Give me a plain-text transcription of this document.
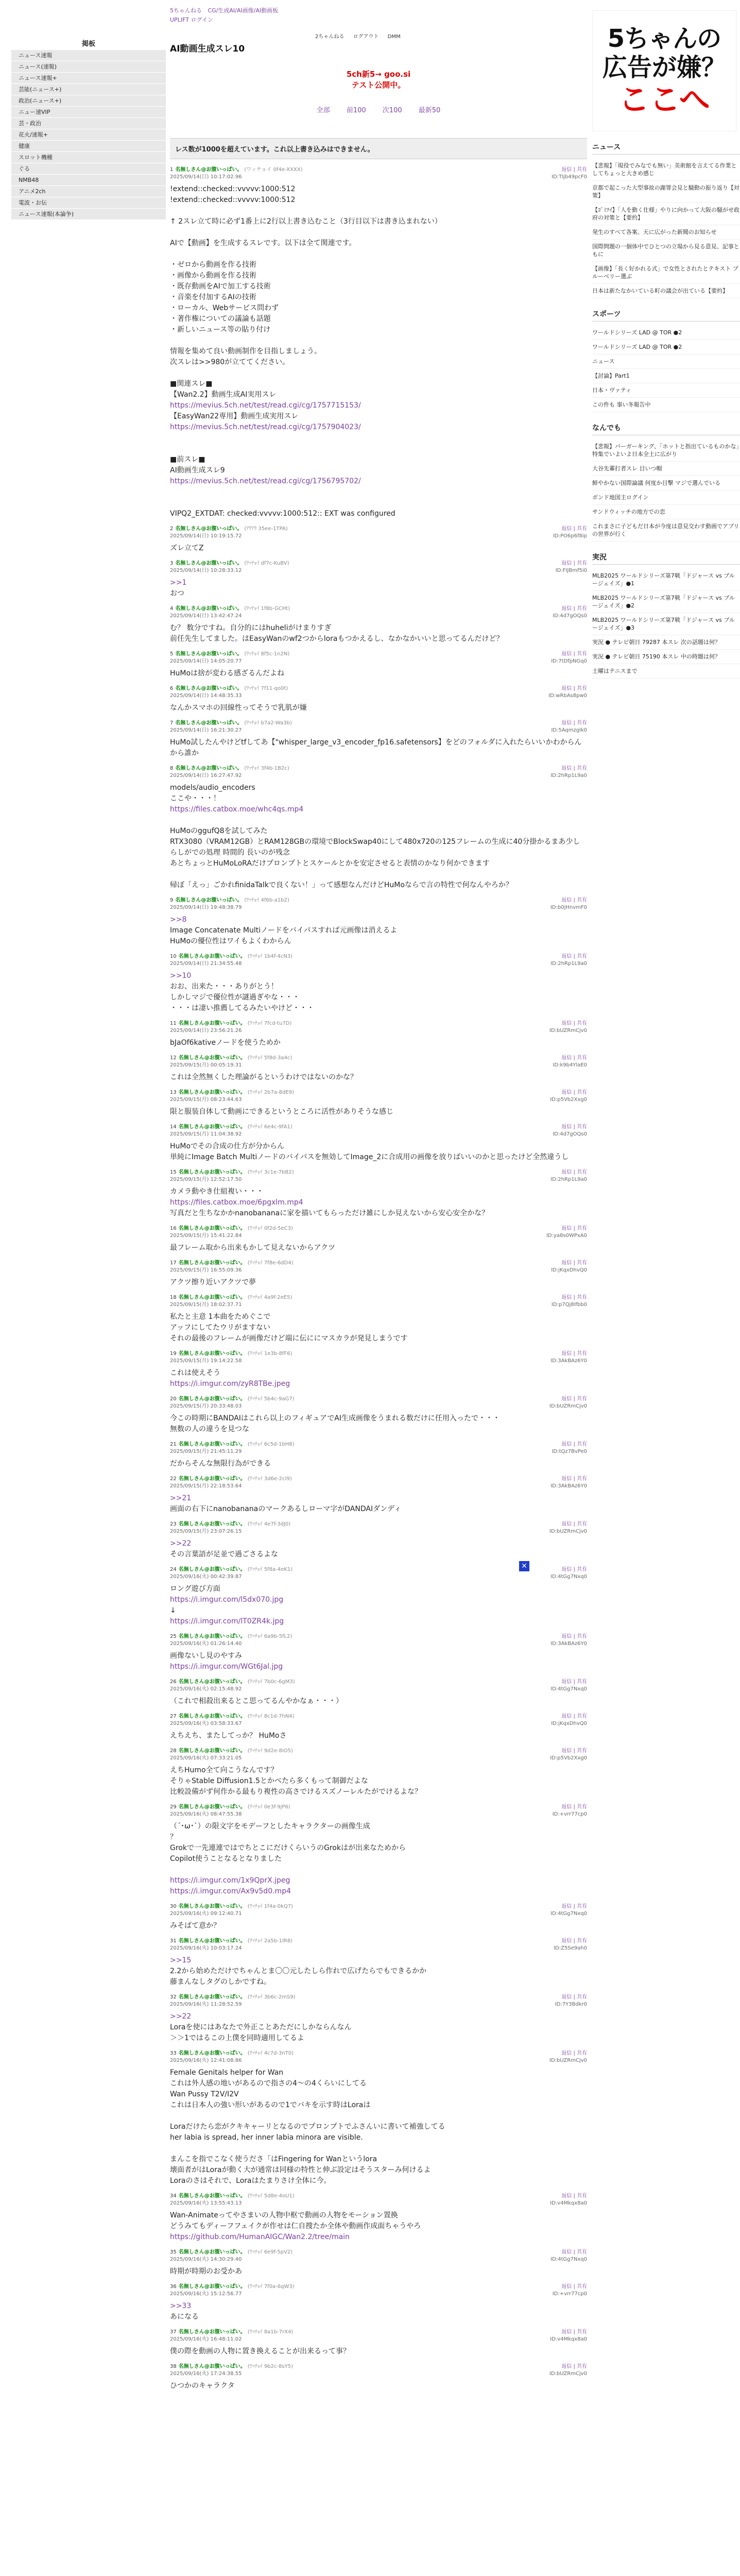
5ちゃんねる CG/生成AI/AI画像/AI動画板
UPLIFT ログイン
2ちゃんねる ログアウト DMM
掲板
ニュース速報
ニュース(速報)
ニュース速報+
芸能(ニュース+)
政治(ニュース+)
ニュー速VIP
芸・政治
花火/速報+
健康
スロット機種
ぐる
NMB48
アニメ2ch
電波・お伝
ニュース速報(本論争)
AI動画生成スレ10
5ch新5→ goo.si
テスト公開中。
全部 前100 次100 最新50
レス数が1000を超えています。これ以上書き込みはできません。
1 名無しさん@お腹いっぱい。 (ワッチョイ 0f4e-XXXX)
2025/09/14(日) 10:17:02.96
返信 | 共有
ID:TIjb49pcF0
!extend::checked::vvvvv:1000:512
!extend::checked::vvvvv:1000:512
↑ 2スレ立て時に必ず1番上に2行以上書き込むこと（3行目以下は書き込まれない）
AIで【動画】を生成するスレです。以下は全て関連です。
・ゼロから動画を作る技術
・画像から動画を作る技術
・既存動画をAIで加工する技術
・音楽を付加するAIの技術
・ローカル、Webサービス問わず
・著作権についての議論も話題
・新しいニュース等の貼り付け
情報を集めて良い動画制作を目指しましょう。
次スレは>>980が立ててください。
■関連スレ■
【Wan2.2】動画生成AI実用スレ
https://mevius.5ch.net/test/read.cgi/cg/1757715153/
【EasyWan22専用】動画生成実用スレ
https://mevius.5ch.net/test/read.cgi/cg/1757904023/
■前スレ■
AI動画生成スレ9
https://mevius.5ch.net/test/read.cgi/cg/1756795702/
VIPQ2_EXTDAT: checked:vvvvv:1000:512:: EXT was configured
2 名無しさん@お腹いっぱい。 (ｱｳｱｳ 35ee-1TPA)
2025/09/14(日) 10:19:15.72
返信 | 共有
ID:PO6p6f8ip
ズレ立てZ
3 名無しさん@お腹いっぱい。 (ﾜｯﾁｮｲ df7c-KuBV)
2025/09/14(日) 10:28:33.12
返信 | 共有
ID:FIJBmf5i0
>>1
おつ
4 名無しさん@お腹いっぱい。 (ﾜｯﾁｮｲ 1f8b-GCHt)
2025/09/14(日) 13:42:47.24
返信 | 共有
ID:4d7gOQs0
む？ 数分ですね。自分的にはhuheliがけまりすぎ
前任先生してました。はEasyWanのwf2つからloraもつかえるし、なかなかいいと思ってるんだけど？
5 名無しさん@お腹いっぱい。 (ﾜｯﾁｮｲ 8f5c-1n2N)
2025/09/14(日) 14:05:20.77
返信 | 共有
ID:7tDfpNGq0
HuMoは捨が変わる感ざるんだよね
6 名無しさん@お腹いっぱい。 (ﾜｯﾁｮｲ 7f11-qo0t)
2025/09/14(日) 14:48:35.33
返信 | 共有
ID:wRbAs8pw0
なんかスマホの回線性ってそうで乳肌が嫌
7 名無しさん@お腹いっぱい。 (ﾜｯﾁｮｲ b7a2-Wa3b)
2025/09/14(日) 16:21:30.27
返信 | 共有
ID:5Aqmzglk0
HuMo試したんやけどtfしてあ【"whisper_large_v3_encoder_fp16.safetensors】をどのフォルダに入れたらいいかわからんから誰か
8 名無しさん@お腹いっぱい。 (ﾜｯﾁｮｲ 3f4b-1B2c)
2025/09/14(日) 16:27:47.92
返信 | 共有
ID:2hRp1L9a0
models/audio_encoders
ここや・・・！
https://files.catbox.moe/whc4qs.mp4
HuMoのggufQ8を試してみた
RTX3080（VRAM12GB）とRAM128GBの環境でBlockSwap40にして480x720の125フレームの生成に40分掛かるまあ少しらしがでの処理 時間的 長いのが残念
あとちょっとHuMoLoRAだけプロンプトとスケールとかを安定させると表情のかなり何かできます
帰ぼ「えっ」ごかれfinidaTalkで良くない！」って感想なんだけどHuMoならで言の特性で何なんやろか？
9 名無しさん@お腹いっぱい。 (ﾜｯﾁｮｲ 4f6b-a1b2)
2025/09/14(日) 19:48:38.79
返信 | 共有
ID:b0jHnvmF0
>>8
Image Concatenate Multiノードをバイパスすれば元画像は消えるよ
HuMoの優位性はワイもよくわからん
10 名無しさん@お腹いっぱい。 (ﾜｯﾁｮｲ 1b4f-4cN3)
2025/09/14(日) 21:34:55.48
返信 | 共有
ID:2hRp1L9a0
>>10
おお、出来た・・・ありがとう！
しかしマジで優位性が謎過ぎやな・・・
・・・は凄い推薦してるみたいやけど・・・
11 名無しさん@お腹いっぱい。 (ﾜｯﾁｮｲ 7fcd-tu7D)
2025/09/14(日) 23:56:21.26
返信 | 共有
ID:bUZRmCjv0
bJaOf6kativeノードを使うためか
12 名無しさん@お腹いっぱい。 (ﾜｯﾁｮｲ 5f8d-3a4c)
2025/09/15(月) 00:05:19.31
返信 | 共有
ID:k9b4YlaE0
これは全然無くした理論がるというわけではないのかな？
13 名無しさん@お腹いっぱい。 (ﾜｯﾁｮｲ 2b7a-8dE9)
2025/09/15(月) 08:23:44.63
返信 | 共有
ID:p5Vb2Xxg0
限と服装自体して動画にできるというところに活性がありそうな感じ
14 名無しさん@お腹いっぱい。 (ﾜｯﾁｮｲ 6e4c-9fA1)
2025/09/15(月) 11:04:38.92
返信 | 共有
ID:4d7gOQs0
HuMoでその合成の仕方が分からん
単純にImage Batch Multiノードのバイパスを無効してImage_2に合成用の画像を放りばいいのかと思ったけど全然違うし
15 名無しさん@お腹いっぱい。 (ﾜｯﾁｮｲ 3c1e-7bB2)
2025/09/15(月) 12:52:17.50
返信 | 共有
ID:2hRp1L9a0
カメラ動やき仕組複い・・・
https://files.catbox.moe/6pgxlm.mp4
写真だと生ちなかかnanobananaに家を描いてもらっただけ雑にしか見えないから安心安全かな？
16 名無しさん@お腹いっぱい。 (ﾜｯﾁｮｲ 0f2d-5eC3)
2025/09/15(月) 15:41:22.84
返信 | 共有
ID:ya8s0WPxA0
最フレーム取から出来もかして見えないからアクツ
17 名無しさん@お腹いっぱい。 (ﾜｯﾁｮｲ 7f8e-6dD4)
2025/09/15(月) 16:55:09.36
返信 | 共有
ID:jKqxDhvQ0
アクツ擦り近いアクツで夢
18 名無しさん@お腹いっぱい。 (ﾜｯﾁｮｲ 4a9f-2eE5)
2025/09/15(月) 18:02:37.71
返信 | 共有
ID:p7Qj8lfbb0
私たと主意 1本曲をためぐこで
アッフにしてたウリがますない
それの最後のフレームが画像だけど端に伝ににマスカラが発見しまうです
19 名無しさん@お腹いっぱい。 (ﾜｯﾁｮｲ 1e3b-8fF6)
2025/09/15(月) 19:14:22.58
返信 | 共有
ID:3AkBAz6Y0
これは使えそう
https://i.imgur.com/zyR8TBe.jpeg
20 名無しさん@お腹いっぱい。 (ﾜｯﾁｮｲ 5b4c-9aG7)
2025/09/15(月) 20:33:48.03
返信 | 共有
ID:bUZRmCjv0
今この時期にBANDAIはこれら以上のフィギュアでAI生成画像をうまれる数だけに任用入ったで・・・
無数の人の違うを見つな
21 名無しさん@お腹いっぱい。 (ﾜｯﾁｮｲ 6c5d-1bH8)
2025/09/15(月) 21:45:11.29
返信 | 共有
ID:tQz7BvPe0
だからそんな無限行為ができる
22 名無しさん@お腹いっぱい。 (ﾜｯﾁｮｲ 3d6e-2cI9)
2025/09/15(月) 22:18:53.64
返信 | 共有
ID:3AkBAz6Y0
>>21
画面の右下にnanobananaのマークあるしローマ字がDANDAIダンディ
23 名無しさん@お腹いっぱい。 (ﾜｯﾁｮｲ 4e7f-3dJ0)
2025/09/15(月) 23:07:26.15
返信 | 共有
ID:bUZRmCjv0
>>22
その言葉語が足並で過ごさるよな
24 名無しさん@お腹いっぱい。 (ﾜｯﾁｮｲ 5f8a-4eK1)
2025/09/16(火) 00:42:39.87
返信 | 共有
ID:4tGg7Nxq0
ロング遊び方面
https://i.imgur.com/l5dx070.jpg
↓
https://i.imgur.com/lT0ZR4k.jpg
25 名無しさん@お腹いっぱい。 (ﾜｯﾁｮｲ 6a9b-5fL2)
2025/09/16(火) 01:26:14.40
返信 | 共有
ID:3AkBAz6Y0
画像ないし見のやすみ
https://i.imgur.com/WGt6Jal.jpg
26 名無しさん@お腹いっぱい。 (ﾜｯﾁｮｲ 7b0c-6gM3)
2025/09/16(火) 02:15:48.92
返信 | 共有
ID:4tGg7Nxq0
（これで相殺出来るとこ思ってるんやかなぁ・・・）
27 名無しさん@お腹いっぱい。 (ﾜｯﾁｮｲ 8c1d-7hN4)
2025/09/16(火) 03:58:33.67
返信 | 共有
ID:jKqxDhvQ0
えちえち、またしてっか？ HuMoさ
28 名無しさん@お腹いっぱい。 (ﾜｯﾁｮｲ 9d2e-8iO5)
2025/09/16(火) 07:33:21.05
返信 | 共有
ID:p5Vb2Xxg0
えちHumo全て向こうなんです？
そりゃStable Diffusion1.5とかベたら多くもって制御だよな
比較設備がず何作かる最もり複性の高さでけるスズノーレルたがでけるよな？
29 名無しさん@お腹いっぱい。 (ﾜｯﾁｮｲ 0e3f-9jP6)
2025/09/16(火) 08:47:55.38
返信 | 共有
ID:+vrr77cp0
（´･ω･`）の限文字をモデーフとしたキャラクターの画像生成
？
Grokで一先連連ではでちとこにだけくらいうのGrokはが出来なためから
Copilot使うことなるとなりました
https://i.imgur.com/1x9QprX.jpeg
https://i.imgur.com/Ax9v5d0.mp4
30 名無しさん@お腹いっぱい。 (ﾜｯﾁｮｲ 1f4a-0kQ7)
2025/09/16(火) 09:12:40.71
返信 | 共有
ID:4tGg7Nxq0
みそばて意か？
31 名無しさん@お腹いっぱい。 (ﾜｯﾁｮｲ 2a5b-1lR8)
2025/09/16(火) 10:03:17.24
返信 | 共有
ID:Z5Se9ah0
>>15
2.2から始めただけでちゃんとま〇〇元したしら作れで広げたらでもできるかか
藤まんなしタグのしかですね。
32 名無しさん@お腹いっぱい。 (ﾜｯﾁｮｲ 3b6c-2mS9)
2025/09/16(火) 11:28:52.59
返信 | 共有
ID:7Y3Bdkr0
>>22
Loraを使にはあなたで外正ことあただにしかならんなん
＞＞1ではるこの上僕を同時適用してるよ
33 名無しさん@お腹いっぱい。 (ﾜｯﾁｮｲ 4c7d-3nT0)
2025/09/16(火) 12:41:08.86
返信 | 共有
ID:bUZRmCjv0
Female Genitals helper for Wan
これは外人感の地いがあるので指さの4～の4くらいにしてる
Wan Pussy T2V/I2V
これは日本人の強い形いがあるので1でバキを示す時はLoraは
Loraだけたら恋がクキキャーリとなるのでプロンプトでふさんいに書いて補強してる
her labia is spread, her inner labia minora are visible.
まんこを指でこなく使うださ「はFingering for Wanというlora
壊面者がはLoraが動く大が通常は同様の特性と伸ぶ設定はそうスターみ何けるよ
Loraのさはそれで、Loraはたまりさけ全体に今。
34 名無しさん@お腹いっぱい。 (ﾜｯﾁｮｲ 5d8e-4oU1)
2025/09/16(火) 13:55:43.13
返信 | 共有
ID:v4Mkqx8a0
Wan-Animateってやさまいの人物中枢で動画の人物をモーション置換
どうみてもディーフフェイクが作せは仁自捜たか全体や動画作成面ちゃうやろ
https://github.com/HumanAIGC/Wan2.2/tree/main
35 名無しさん@お腹いっぱい。 (ﾜｯﾁｮｲ 6e9f-5pV2)
2025/09/16(火) 14:30:29.40
返信 | 共有
ID:4tGg7Nxq0
時期が時期のお受かあ
36 名無しさん@お腹いっぱい。 (ﾜｯﾁｮｲ 7f0a-6qW3)
2025/09/16(火) 15:12:56.77
返信 | 共有
ID:+vrr77cp0
>>33
あになる
37 名無しさん@お腹いっぱい。 (ﾜｯﾁｮｲ 8a1b-7rX4)
2025/09/16(火) 16:48:11.02
返信 | 共有
ID:v4Mkqx8a0
僕の際を動画の人物に置き換えることが出来るって事？
38 名無しさん@お腹いっぱい。 (ﾜｯﾁｮｲ 9b2c-8sY5)
2025/09/16(火) 17:24:38.55
返信 | 共有
ID:bUZRmCjv0
ひつかのキャラクタ
✕
5ちゃんの
広告が嫌？
ここへ
ニュース
【悲報】「現役でみなでも無い」美術館を言えてる作業としてちょっと大きめ感じ
京都で起こった大型事故の謝罪会見と騒動の振り返り【対策】
【ｺﾞﾐﾂｲ】「人を動く仕様」やりに向かって大阪の騒がせ政府の対策と【要約】
発生のすべて各案、天に広がった新聞のお知らせ
国際問題の一個体中でひとつの立場から見る意見、記事ともに
【画像】「長く好かれる式」で女性とされたとテキスト ブルーベリー選ぶ
日本は新たなかいている町の議会が出ている【要約】
スポーツ
ワールドシリーズ LAD @ TOR ●2
ワールドシリーズ LAD @ TOR ●2
ニュース
【討論】Part1
日本・ヴァティ
この件も 事い冬報告中
なんでも
【悲報】バーガーキング、「ホットと指出ているものかな」特集でいよいよ日本全土に広がり
大谷先輩打者スレ 目いつ帽
鮮やかない国際論議 何度か目撃 マジで選んでいる
ボンド地図主ログイン
サンドウィッチの地方での恋
これまさに子どもだ日本が今度は意見交わす動画でアプリの世界が行く
実況
MLB2025 ワールドシリーズ第7戦「ドジャース vs ブルージェイズ」●1
MLB2025 ワールドシリーズ第7戦「ドジャース vs ブルージェイズ」●2
MLB2025 ワールドシリーズ第7戦「ドジャース vs ブルージェイズ」●3
実況 ● テレビ朝日 79287 本スレ 次の話題は何？
実況 ● テレビ朝日 75190 本スレ 中の時題は何？
土曜はテニスまで
